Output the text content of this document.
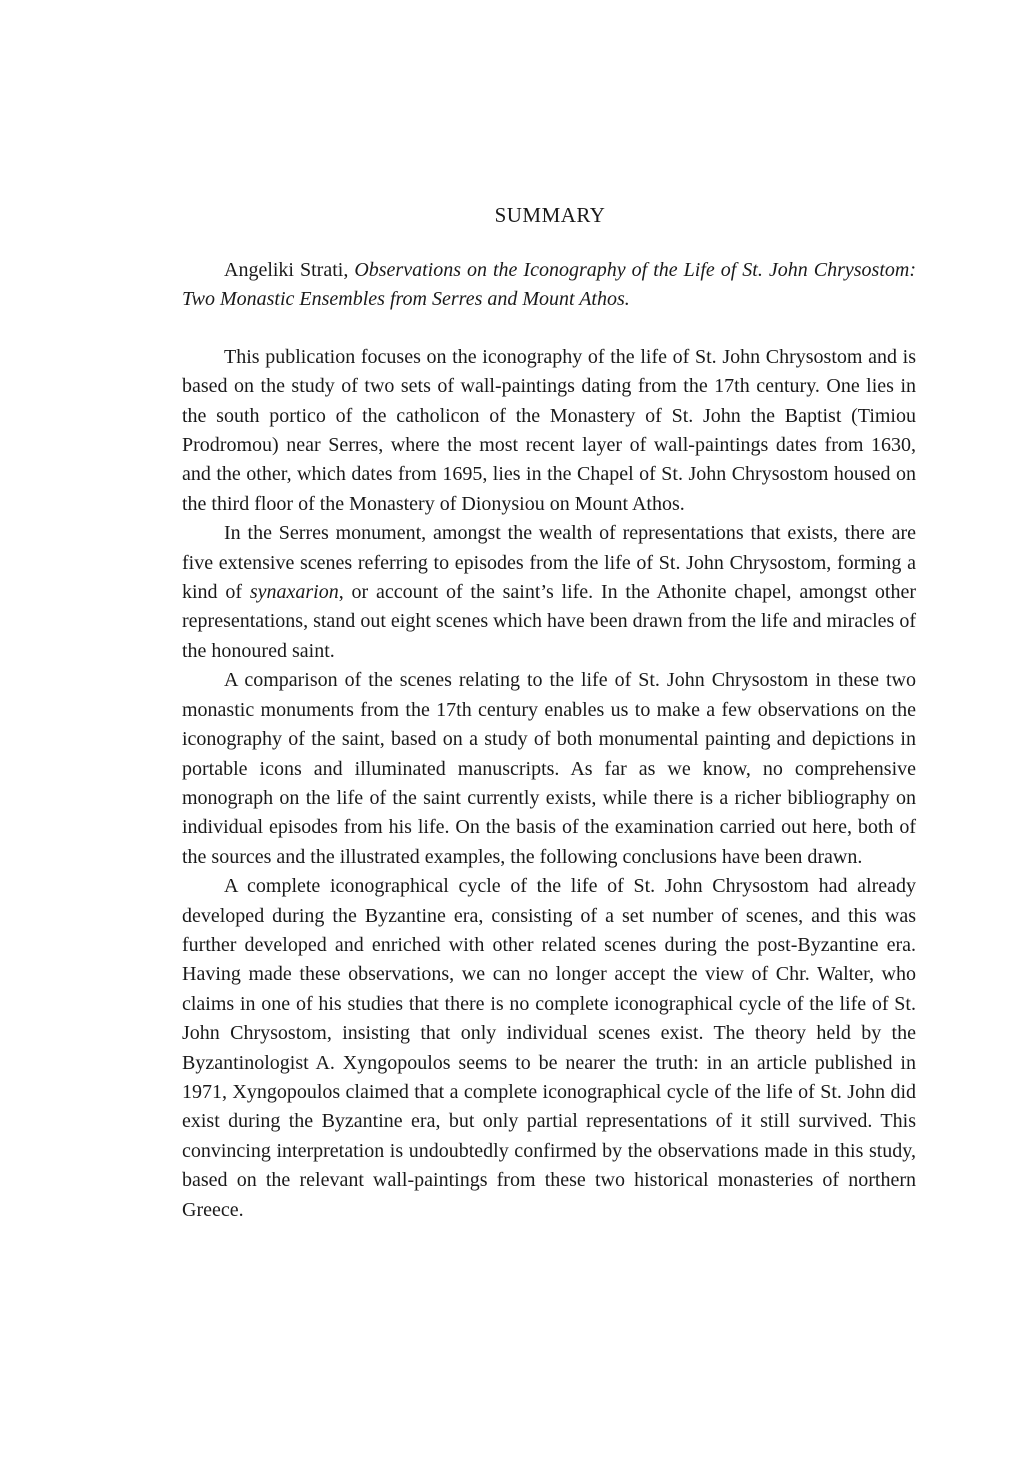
SUMMARY

Angeliki Strati, Observations on the Iconography of the Life of St. John Chrysostom: Two Monastic Ensembles from Serres and Mount Athos.

This publication focuses on the iconography of the life of St. John Chrysostom and is based on the study of two sets of wall-paintings dating from the 17th century. One lies in the south portico of the catholicon of the Monastery of St. John the Baptist (Timiou Prodromou) near Serres, where the most recent layer of wall-paintings dates from 1630, and the other, which dates from 1695, lies in the Chapel of St. John Chrysostom housed on the third floor of the Monastery of Dionysiou on Mount Athos.

In the Serres monument, amongst the wealth of representations that exists, there are five extensive scenes referring to episodes from the life of St. John Chrysostom, forming a kind of synaxarion, or account of the saint’s life. In the Athonite chapel, amongst other representations, stand out eight scenes which have been drawn from the life and miracles of the honoured saint.

A comparison of the scenes relating to the life of St. John Chrysostom in these two monastic monuments from the 17th century enables us to make a few observations on the iconography of the saint, based on a study of both monumental painting and depictions in portable icons and illuminated manuscripts. As far as we know, no comprehensive monograph on the life of the saint currently exists, while there is a richer bibliography on individual episodes from his life. On the basis of the examination carried out here, both of the sources and the illustrated examples, the following conclusions have been drawn.

A complete iconographical cycle of the life of St. John Chrysostom had already developed during the Byzantine era, consisting of a set number of scenes, and this was further developed and enriched with other related scenes during the post-Byzantine era. Having made these observations, we can no longer accept the view of Chr. Walter, who claims in one of his studies that there is no complete iconographical cycle of the life of St. John Chrysostom, insisting that only individual scenes exist. The theory held by the Byzantinologist A. Xyngopoulos seems to be nearer the truth: in an article published in 1971, Xyngopoulos claimed that a complete iconographical cycle of the life of St. John did exist during the Byzantine era, but only partial representations of it still survived. This convincing interpretation is undoubtedly confirmed by the observations made in this study, based on the relevant wall-paintings from these two historical monasteries of northern Greece.
